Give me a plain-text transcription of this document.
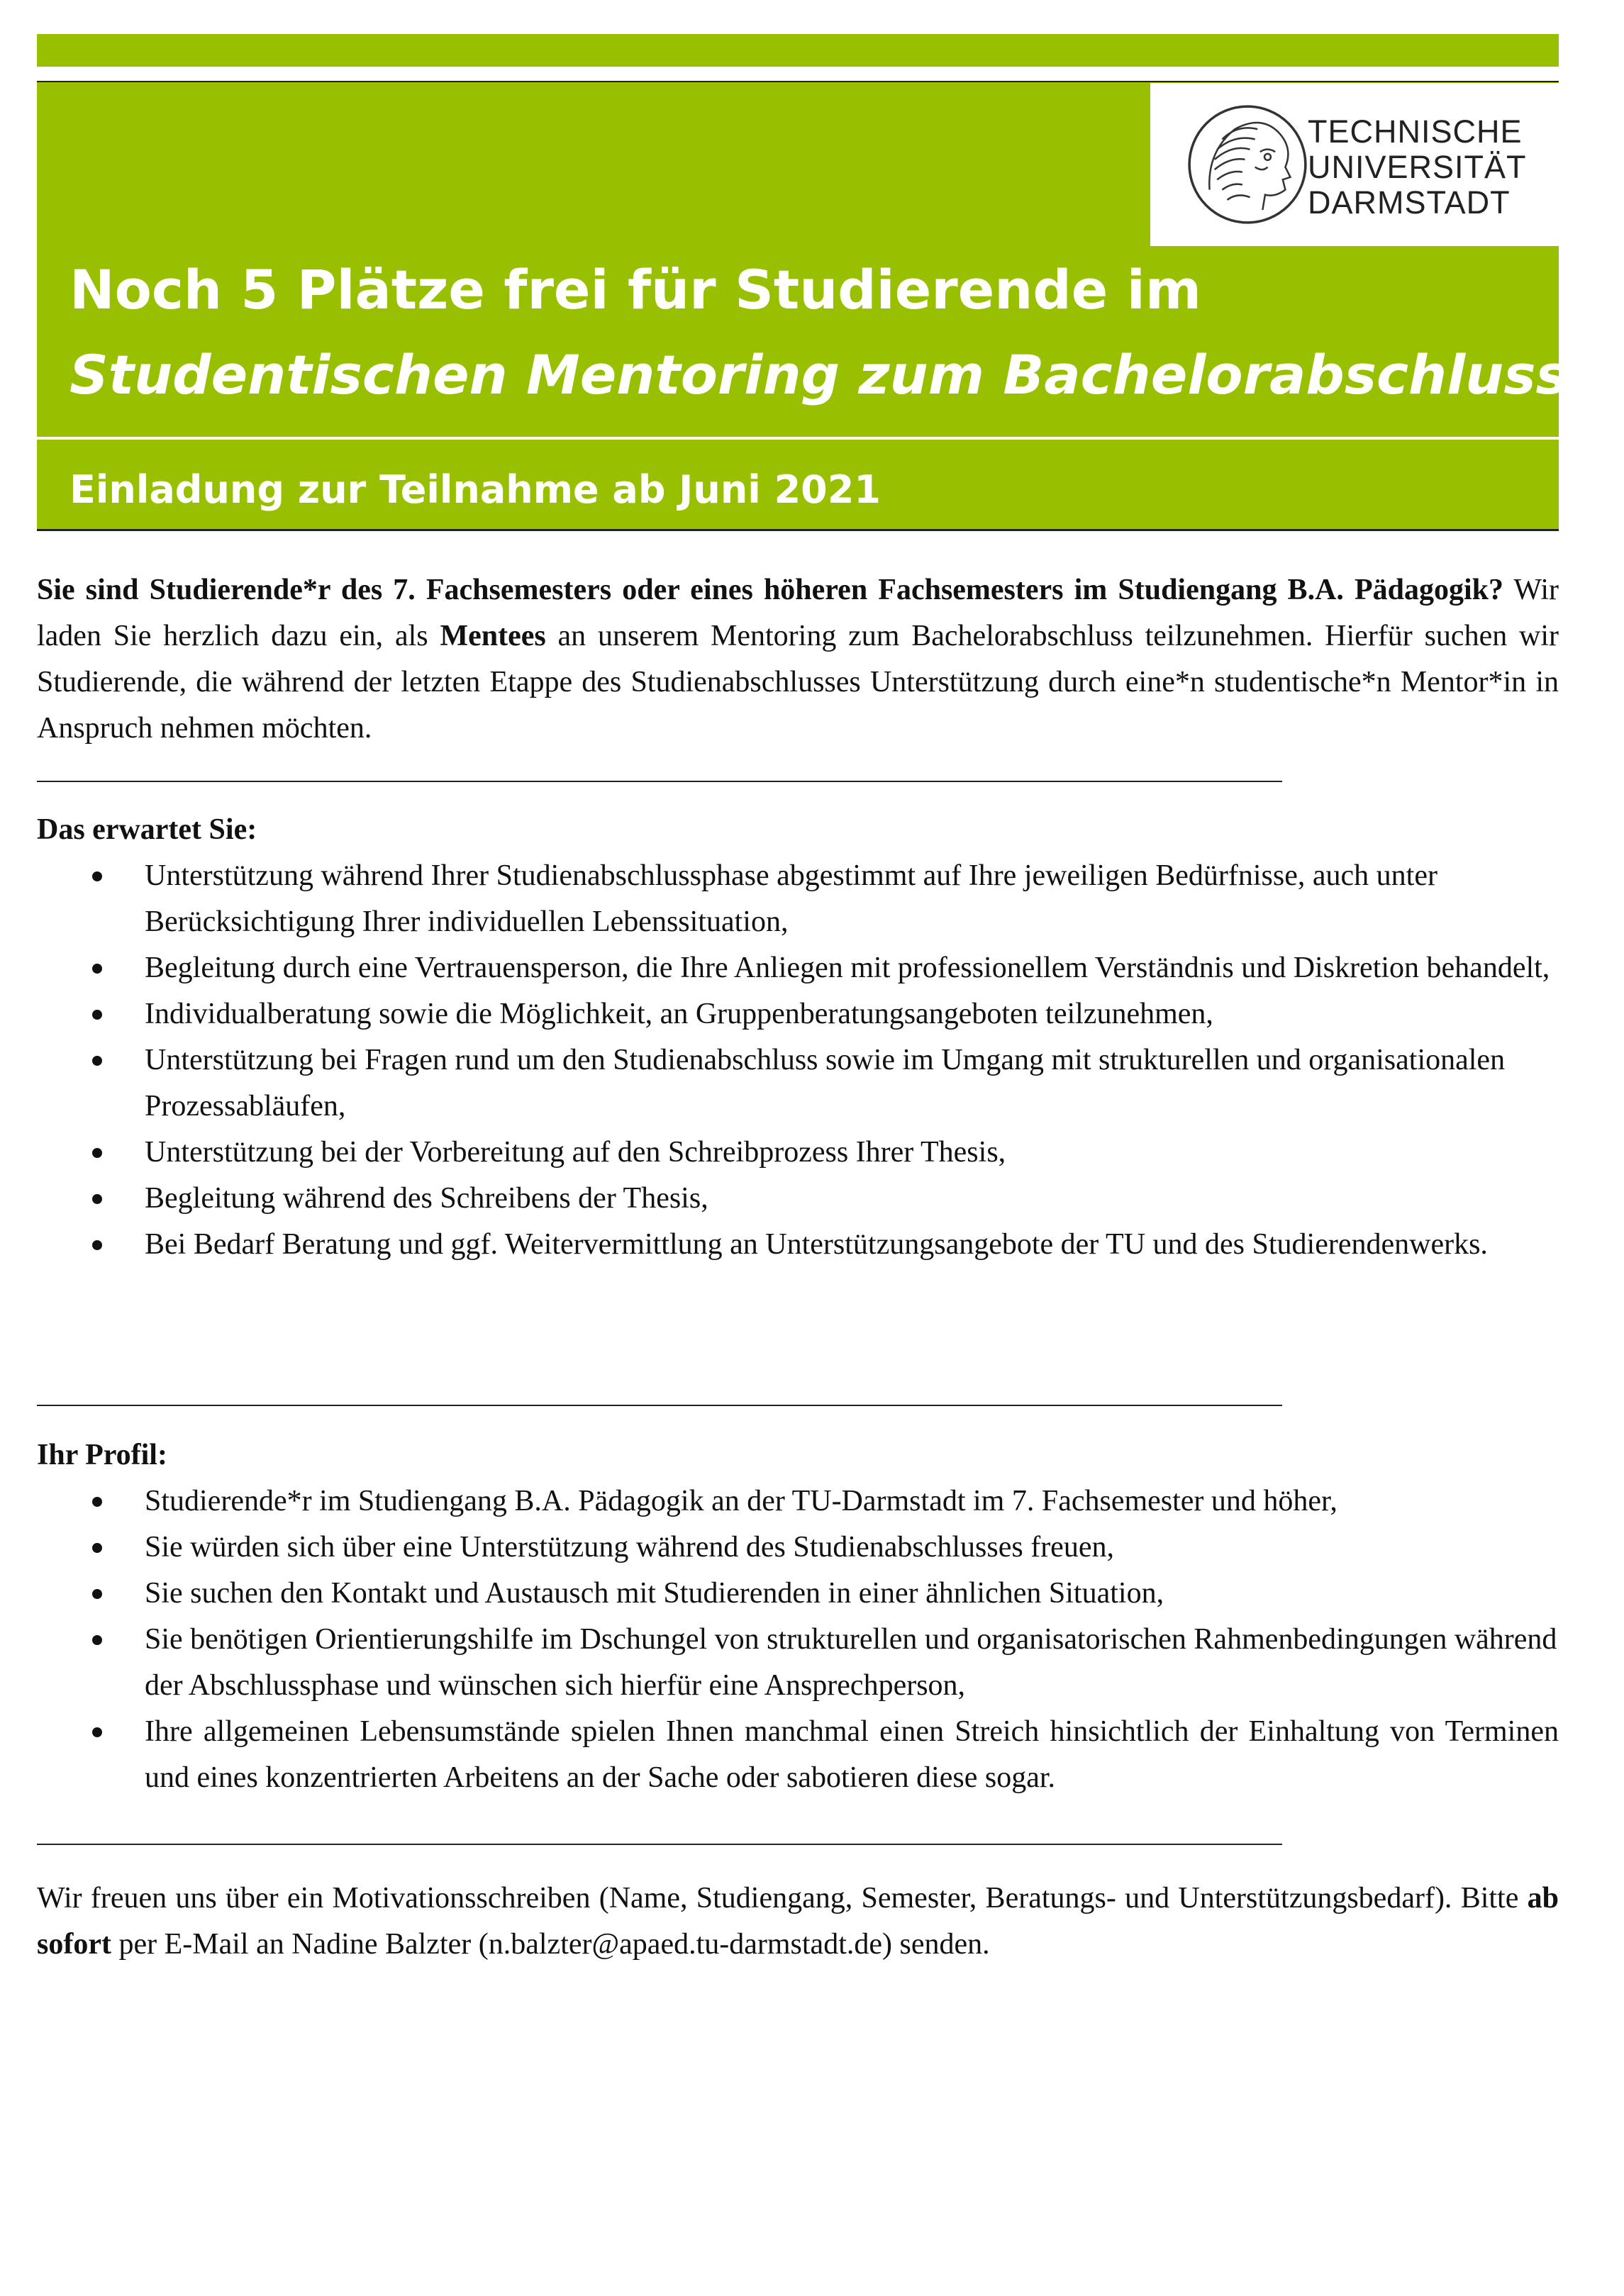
TECHNISCHE
UNIVERSITÄT
DARMSTADT
Noch 5 Plätze frei für Studierende im
Studentischen Mentoring zum Bachelorabschluss
Einladung zur Teilnahme ab Juni 2021
Sie sind Studierende*r des 7. Fachsemesters oder eines höheren Fachsemesters im Studiengang B.A. Pädagogik? Wir laden Sie herzlich dazu ein, als Mentees an unserem Mentoring zum Bachelorabschluss teilzunehmen. Hierfür suchen wir Studierende, die während der letzten Etappe des Studienabschlusses Unterstützung durch eine*n studentische*n Mentor*in in Anspruch nehmen möchten.
Das erwartet Sie:
Unterstützung während Ihrer Studienabschlussphase abgestimmt auf Ihre jeweiligen Bedürfnisse, auch unter Berücksichtigung Ihrer individuellen Lebenssituation,
Begleitung durch eine Vertrauensperson, die Ihre Anliegen mit professionellem Verständnis und Diskretion behandelt,
Individualberatung sowie die Möglichkeit, an Gruppenberatungsangeboten teilzunehmen,
Unterstützung bei Fragen rund um den Studienabschluss sowie im Umgang mit strukturellen und organisationalen Prozessabläufen,
Unterstützung bei der Vorbereitung auf den Schreibprozess Ihrer Thesis,
Begleitung während des Schreibens der Thesis,
Bei Bedarf Beratung und ggf. Weitervermittlung an Unterstützungsangebote der TU und des Studierendenwerks.
Ihr Profil:
Studierende*r im Studiengang B.A. Pädagogik an der TU-Darmstadt im 7. Fachsemester und höher,
Sie würden sich über eine Unterstützung während des Studienabschlusses freuen,
Sie suchen den Kontakt und Austausch mit Studierenden in einer ähnlichen Situation,
Sie benötigen Orientierungshilfe im Dschungel von strukturellen und organisatorischen Rahmenbedingungen während der Abschlussphase und wünschen sich hierfür eine Ansprechperson,
Ihre allgemeinen Lebensumstände spielen Ihnen manchmal einen Streich hinsichtlich der Einhaltung von Terminen und eines konzentrierten Arbeitens an der Sache oder sabotieren diese sogar.
Wir freuen uns über ein Motivationsschreiben (Name, Studiengang, Semester, Beratungs- und Unterstützungsbedarf). Bitte ab sofort per E-Mail an Nadine Balzter (n.balzter@apaed.tu-darmstadt.de) senden.
